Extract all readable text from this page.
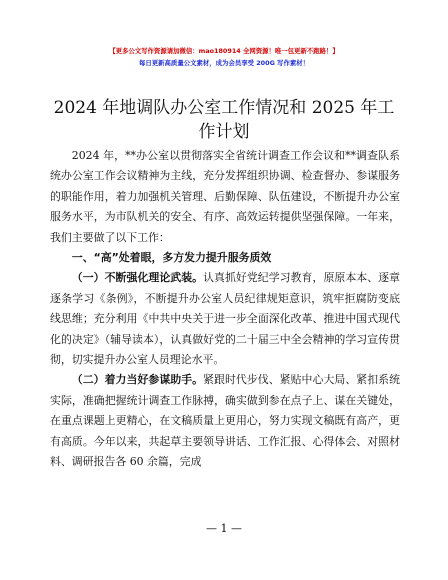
【更多公文写作资源请加微信：mao180914 全网资源！唯一包更新不跑路！】
每日更新高质量公文素材，成为会员享受 200G 写作素材！
2024 年地调队办公室工作情况和 2025 年工作计划

2024 年，**办公室以贯彻落实全省统计调查工作会议和**调查队系统办公室工作会议精神为主线，充分发挥组织协调、检查督办、参谋服务的职能作用，着力加强机关管理、后勤保障、队伍建设，不断提升办公室服务水平，为市队机关的安全、有序、高效运转提供坚强保障。一年来，我们主要做了以下工作：

一、“高”处着眼，多方发力提升服务质效

（一）不断强化理论武装。认真抓好党纪学习教育，原原本本、逐章逐条学习《条例》，不断提升办公室人员纪律规矩意识，筑牢拒腐防变底线思维；充分利用《中共中央关于进一步全面深化改革、推进中国式现代化的决定》（辅导读本），认真做好党的二十届三中全会精神的学习宣传贯彻，切实提升办公室人员理论水平。

（二）着力当好参谋助手。紧跟时代步伐、紧贴中心大局、紧扣系统实际，准确把握统计调查工作脉搏，确实做到参在点子上、谋在关键处，在重点课题上更精心，在文稿质量上更用心，努力实现文稿既有高产，更有高质。今年以来，共起草主要领导讲话、工作汇报、心得体会、对照材料、调研报告各 60 余篇，完成

— 1 —
